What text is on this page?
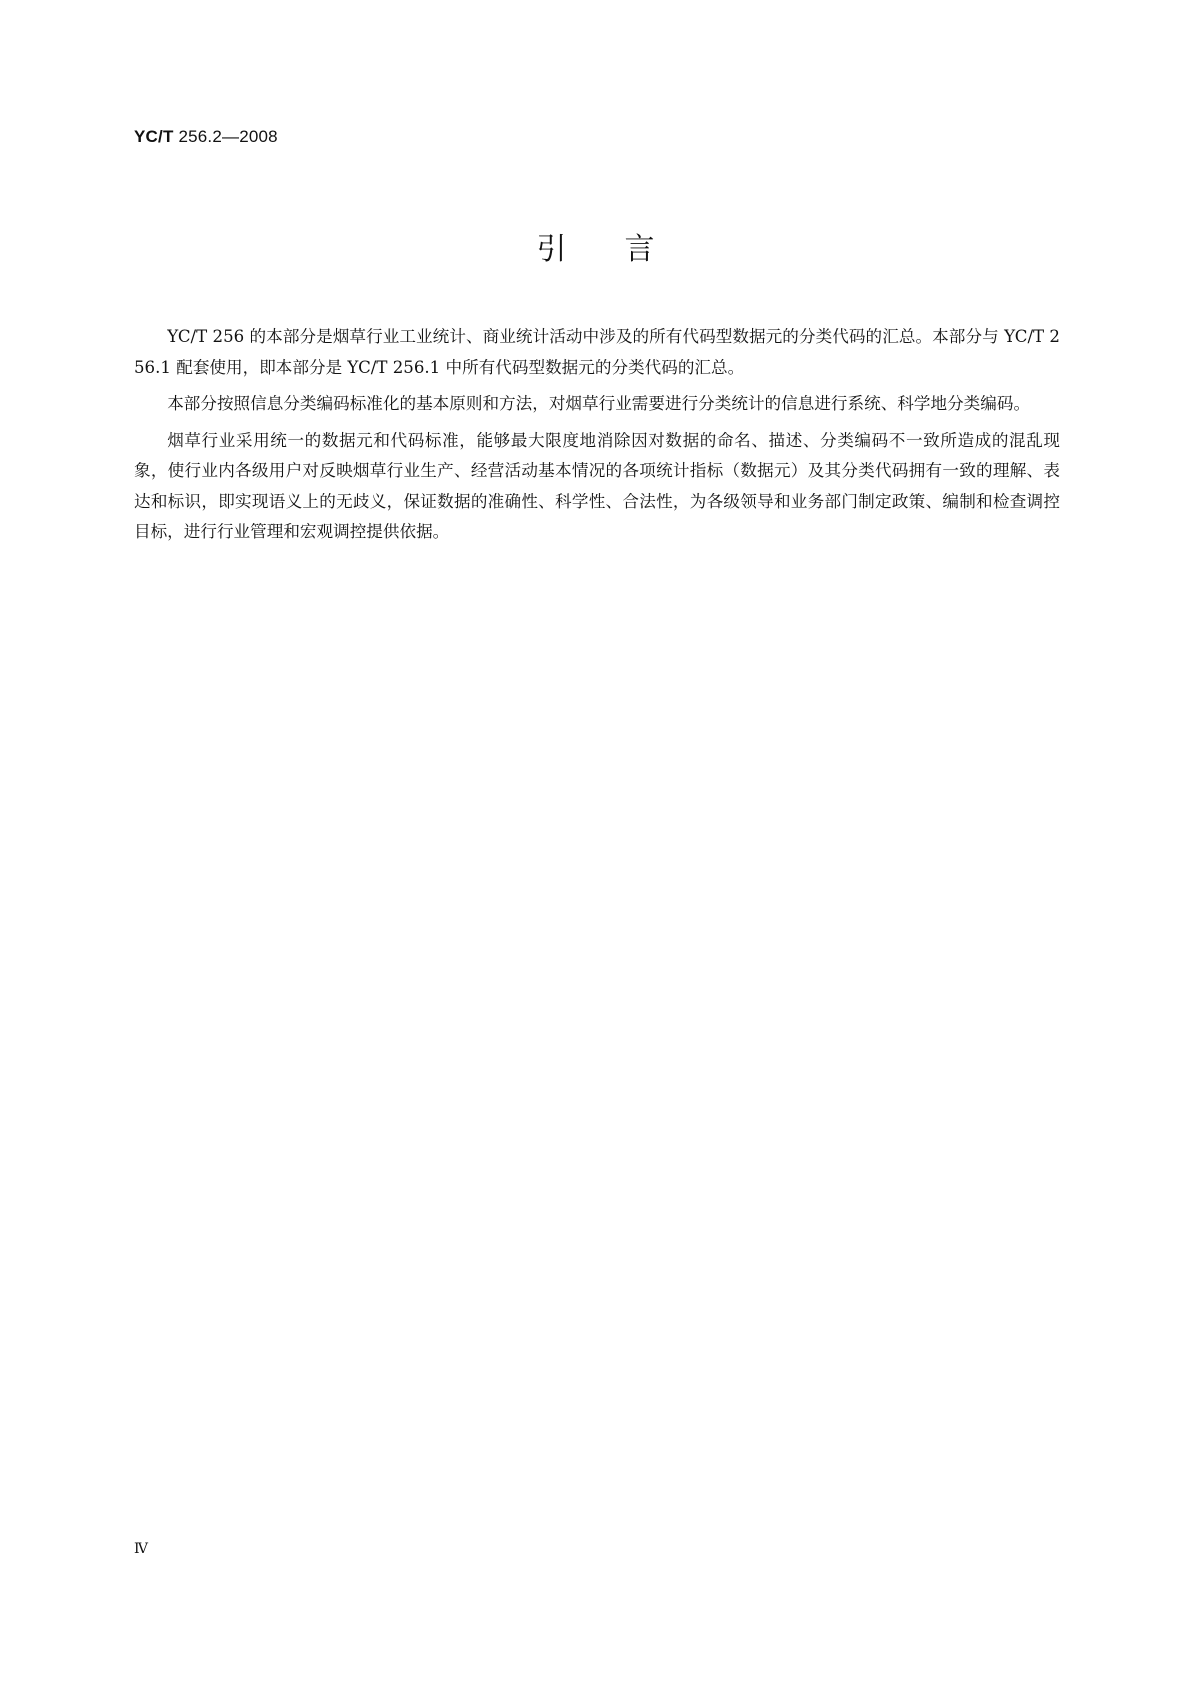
YC/T 256.2—2008
引言

YC/T 256 的本部分是烟草行业工业统计、商业统计活动中涉及的所有代码型数据元的分类代码的汇总。本部分与 YC/T 256.1 配套使用，即本部分是 YC/T 256.1 中所有代码型数据元的分类代码的汇总。

本部分按照信息分类编码标准化的基本原则和方法，对烟草行业需要进行分类统计的信息进行系统、科学地分类编码。

烟草行业采用统一的数据元和代码标准，能够最大限度地消除因对数据的命名、描述、分类编码不一致所造成的混乱现象，使行业内各级用户对反映烟草行业生产、经营活动基本情况的各项统计指标（数据元）及其分类代码拥有一致的理解、表达和标识，即实现语义上的无歧义，保证数据的准确性、科学性、合法性，为各级领导和业务部门制定政策、编制和检查调控目标，进行行业管理和宏观调控提供依据。

Ⅳ
